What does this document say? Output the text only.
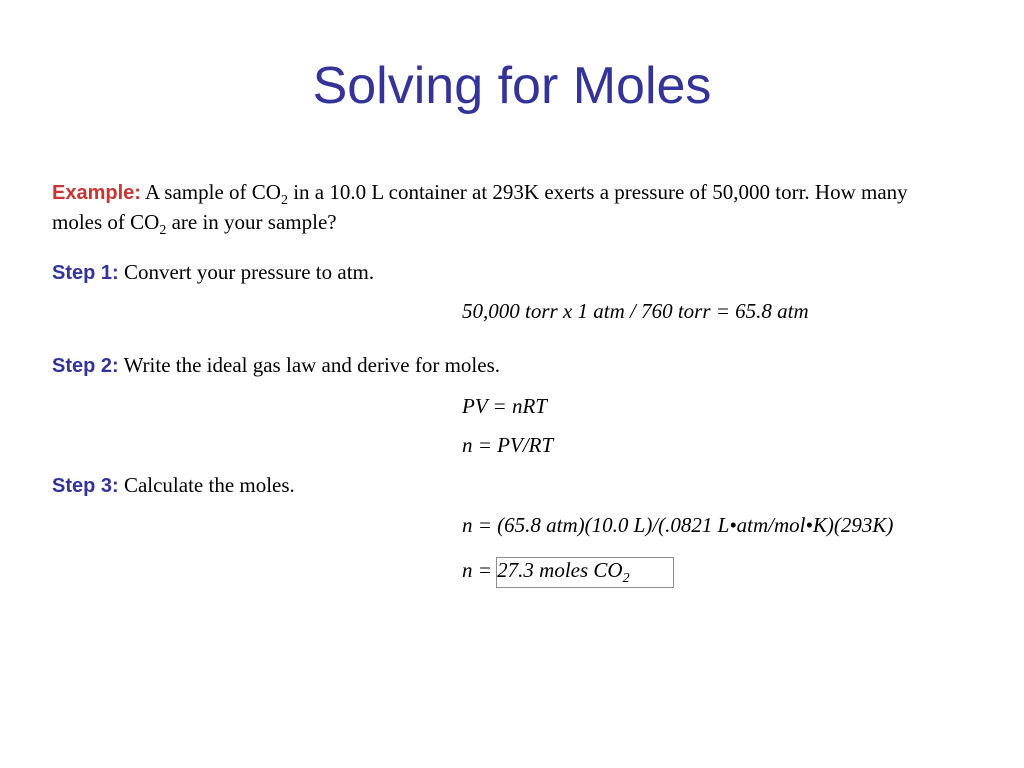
Solving for Moles
Example: A sample of $CO_2$ in a 10.0 L container at 293K exerts a pressure of 50,000 torr. How many moles of $CO_2$ are in your sample?
Step 1: Convert your pressure to atm.
50,000 torr x 1 atm / 760 torr = 65.8 atm
Step 2: Write the ideal gas law and derive for moles.
PV = nRT
n = PV/RT
Step 3: Calculate the moles.
n = (65.8 atm)(10.0 L)/(.0821 L•atm/mol•K)(293K)
n = 27.3 moles $CO_2$
